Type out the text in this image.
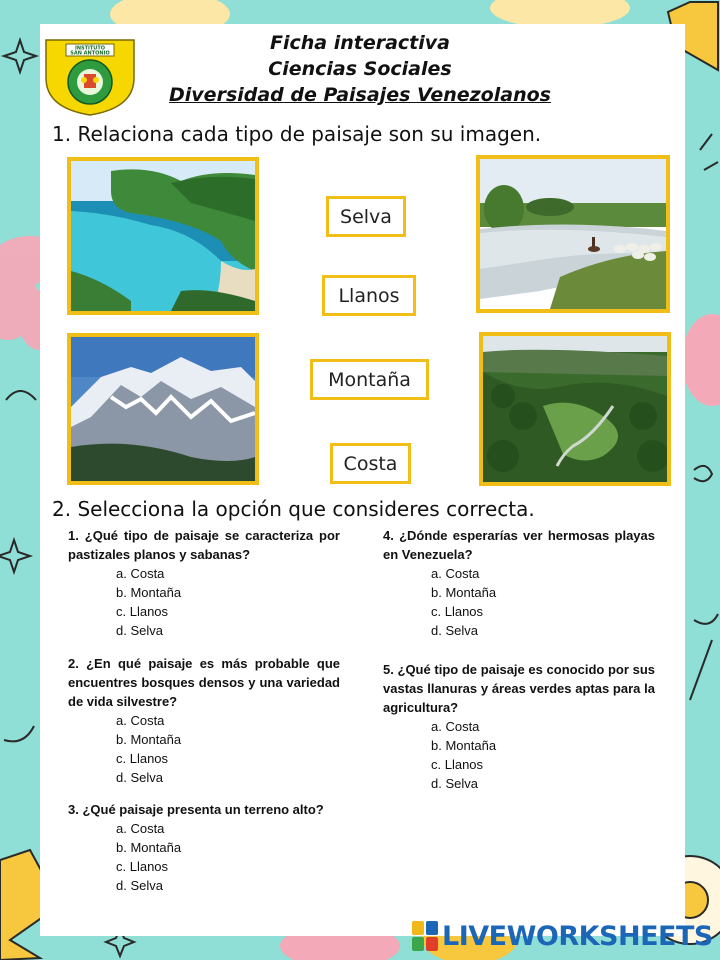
INSTITUTO
SAN ANTONIO	Ficha interactiva
Ciencias Sociales
Diversidad de Paisajes Venezolanos
1. Relaciona cada tipo de paisaje son su imagen.
Selva
Llanos
Montaña
Costa
2. Selecciona la opción que consideres correcta.
1. ¿Qué tipo de paisaje se caracteriza por pastizales planos y sabanas?
a. Costa
b. Montaña
c. Llanos
d. Selva
2. ¿En qué paisaje es más probable que encuentres bosques densos y una variedad de vida silvestre?
a. Costa
b. Montaña
c. Llanos
d. Selva
3. ¿Qué paisaje presenta un terreno alto?
a. Costa
b. Montaña
c. Llanos
d. Selva
4. ¿Dónde esperarías ver hermosas playas en Venezuela?
a. Costa
b. Montaña
c. Llanos
d. Selva
5. ¿Qué tipo de paisaje es conocido por sus vastas llanuras y áreas verdes aptas para la agricultura?
a. Costa
b. Montaña
c. Llanos
d. Selva
LIVEWORKSHEETS
